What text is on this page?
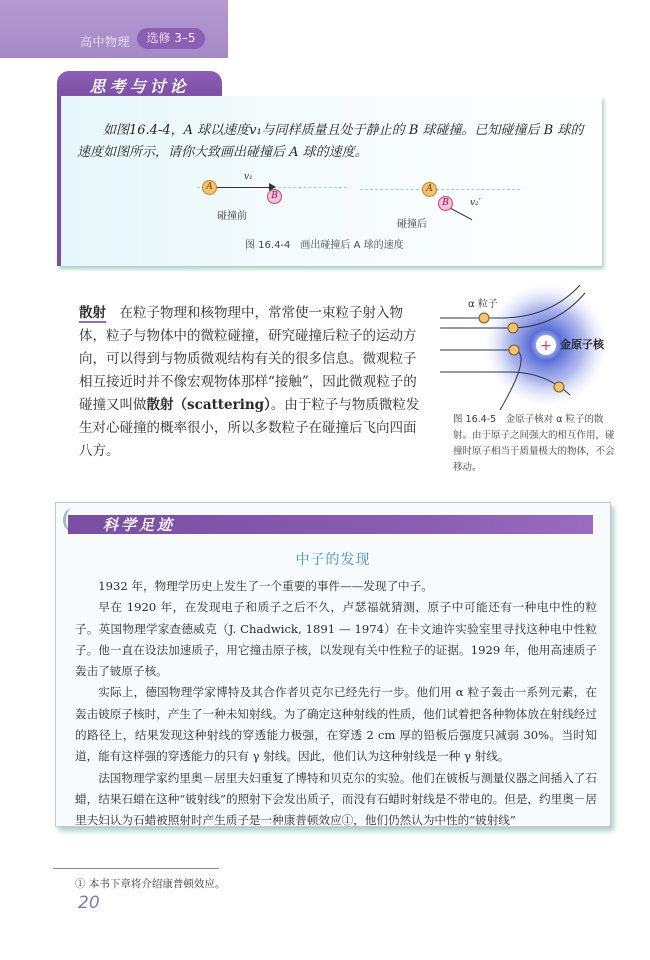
高中物理	选修 3–5
思考与讨论
如图16.4-4，A 球以速度v₁与同样质量且处于静止的 B 球碰撞。已知碰撞后 B 球的速度如图所示，请你大致画出碰撞后 A 球的速度。
v₁
A
B
碰撞前
A
B	v₂′
碰撞后
图 16.4-4　画出碰撞后 A 球的速度
散射　在粒子物理和核物理中，常常使一束粒子射入物体，粒子与物体中的微粒碰撞，研究碰撞后粒子的运动方向，可以得到与物质微观结构有关的很多信息。微观粒子相互接近时并不像宏观物体那样“接触”，因此微观粒子的碰撞又叫做散射（scattering）。由于粒子与物质微粒发生对心碰撞的概率很小，所以多数粒子在碰撞后飞向四面八方。
+
α 粒子
金原子核
图 16.4-5　金原子核对 α 粒子的散射。由于原子之间强大的相互作用，碰撞时原子相当于质量极大的物体，不会移动。
科学足迹
中子的发现

1932 年，物理学历史上发生了一个重要的事件——发现了中子。

早在 1920 年，在发现电子和质子之后不久，卢瑟福就猜测，原子中可能还有一种电中性的粒子。英国物理学家查德威克（J. Chadwick, 1891 — 1974）在卡文迪许实验室里寻找这种电中性粒子。他一直在设法加速质子，用它撞击原子核，以发现有关中性粒子的证据。1929 年，他用高速质子轰击了铍原子核。

实际上，德国物理学家博特及其合作者贝克尔已经先行一步。他们用 α 粒子轰击一系列元素，在轰击铍原子核时，产生了一种未知射线。为了确定这种射线的性质，他们试着把各种物体放在射线经过的路径上，结果发现这种射线的穿透能力极强，在穿透 2 cm 厚的铅板后强度只减弱 30%。当时知道，能有这样强的穿透能力的只有 γ 射线。因此，他们认为这种射线是一种 γ 射线。

法国物理学家约里奥－居里夫妇重复了博特和贝克尔的实验。他们在铍板与测量仪器之间插入了石蜡，结果石蜡在这种“铍射线”的照射下会发出质子，而没有石蜡时射线是不带电的。但是，约里奥－居里夫妇认为石蜡被照射时产生质子是一种康普顿效应①，他们仍然认为中性的“铍射线”

① 本书下章将介绍康普顿效应。
20
